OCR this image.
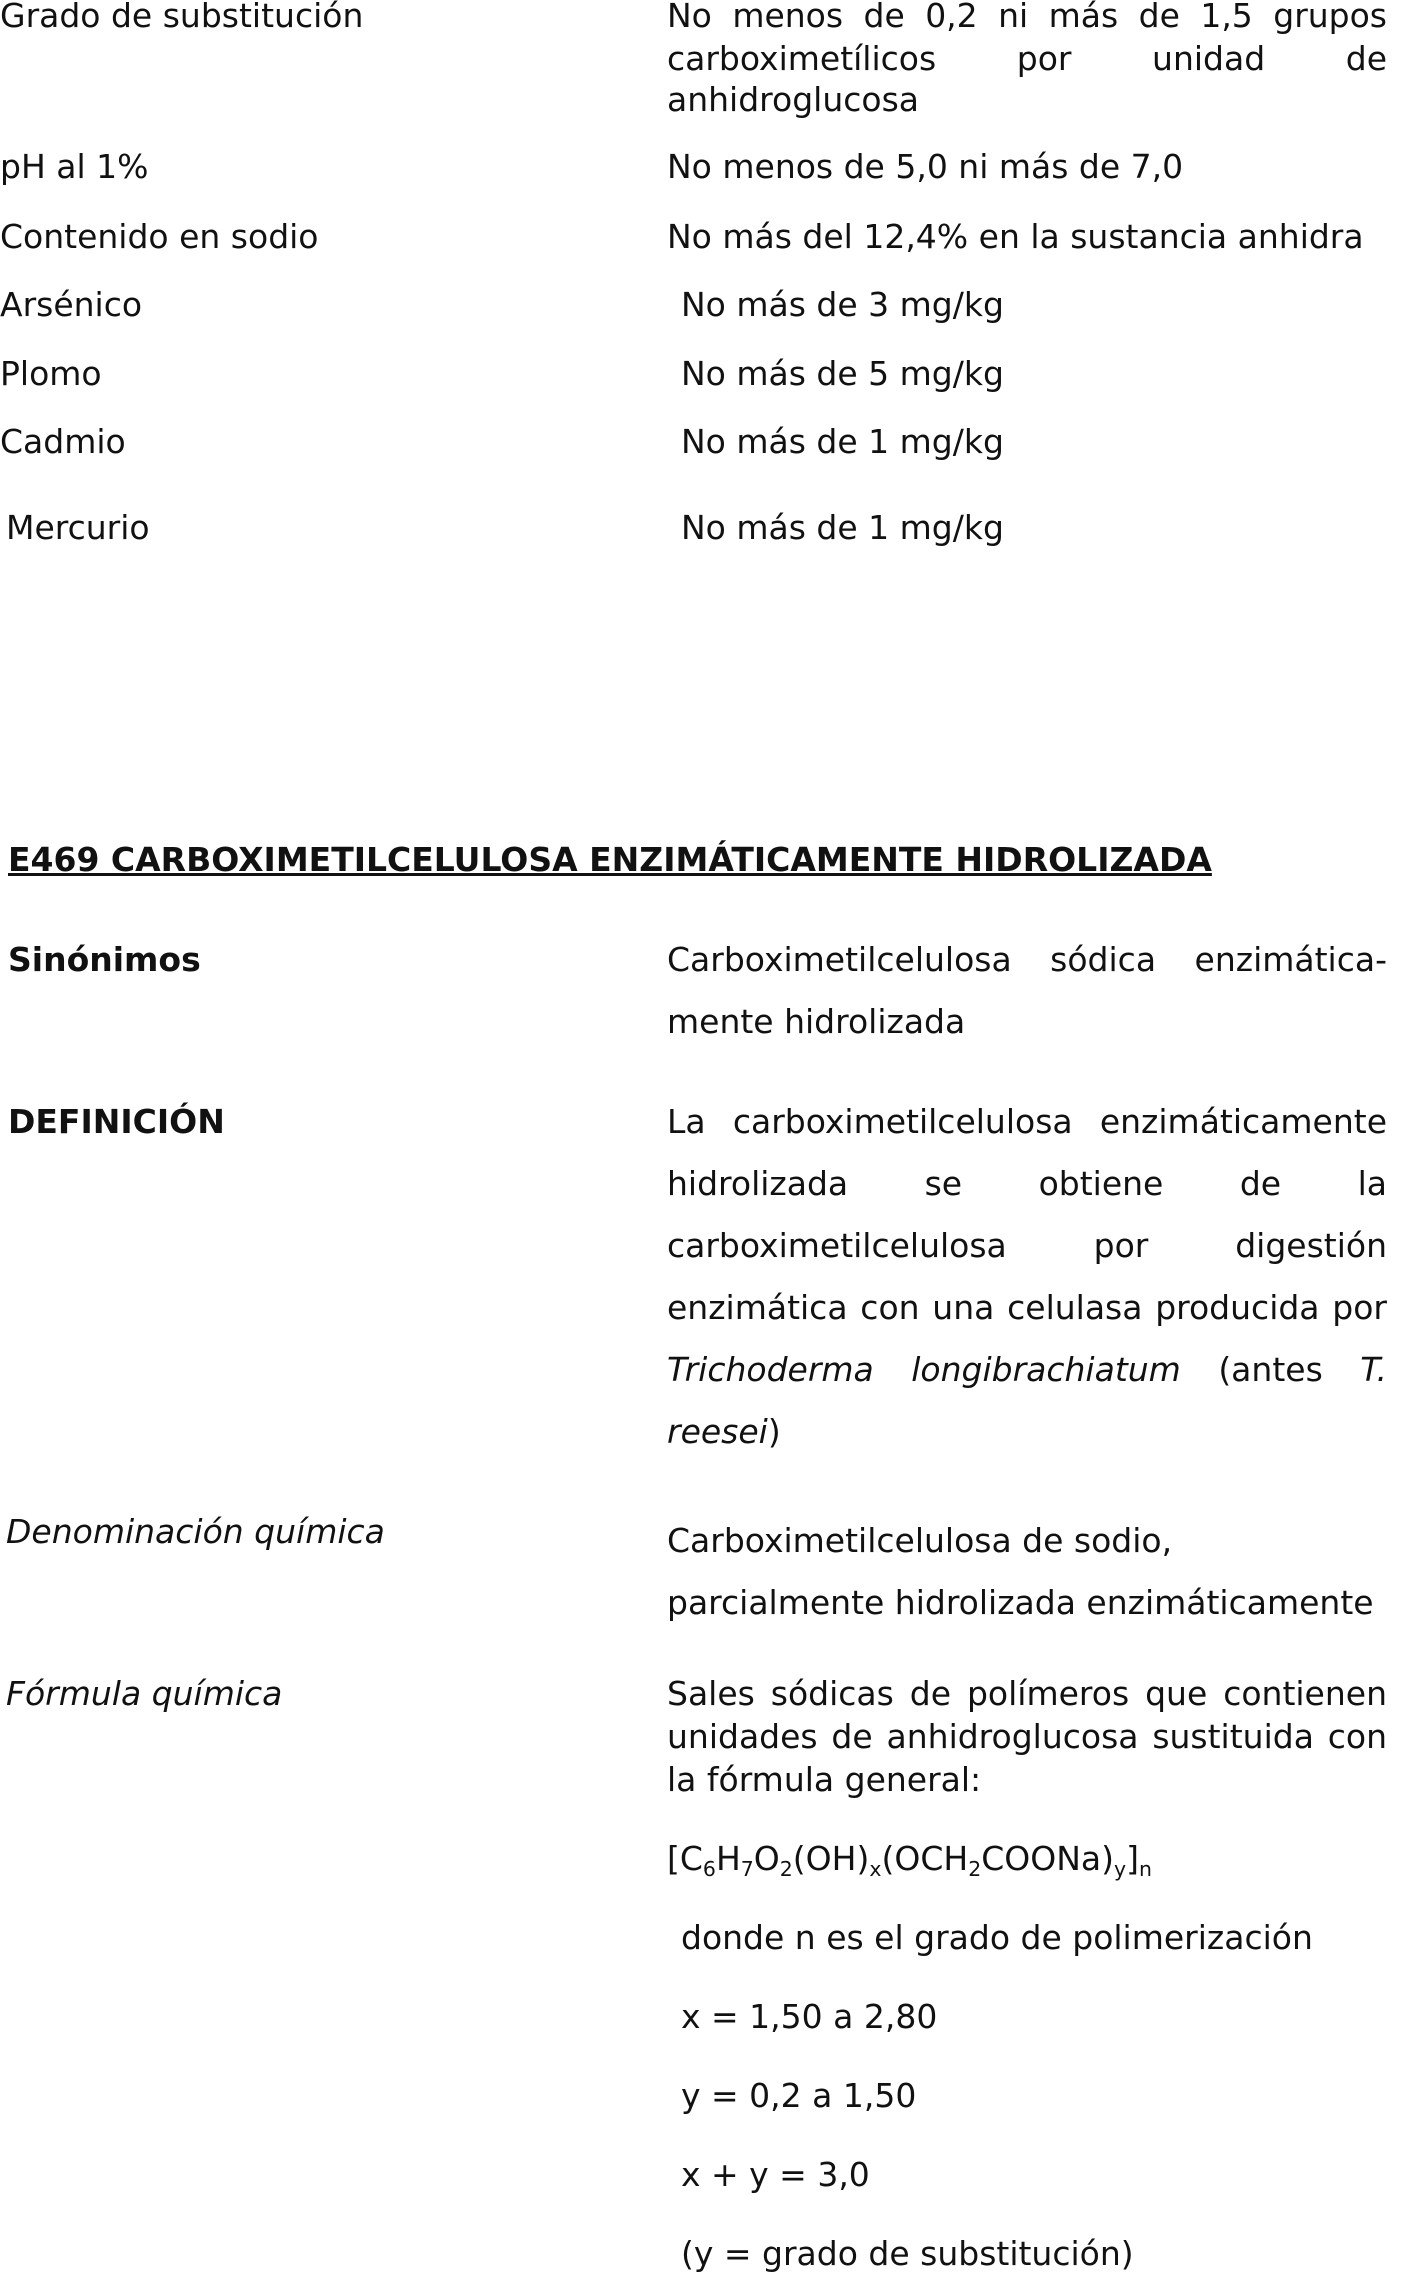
Grado de substitución	No menos de 0,2 ni más de 1,5 grupos
carboximetílicos por unidad de
anhidroglucosa
pH al 1%	No menos de 5,0 ni más de 7,0
Contenido en sodio	No más del 12,4% en la sustancia anhidra
Arsénico	No más de 3 mg/kg
Plomo	No más de 5 mg/kg
Cadmio	No más de 1 mg/kg
Mercurio	No más de 1 mg/kg
E469 CARBOXIMETILCELULOSA ENZIMÁTICAMENTE HIDROLIZADA
Sinónimos	Carboximetilcelulosa sódica enzimática-
mente hidrolizada
DEFINICIÓN	La carboximetilcelulosa enzimáticamente
hidrolizada se obtiene de la
carboximetilcelulosa por digestión
enzimática con una celulasa producida por
Trichoderma longibrachiatum (antes T.
reesei)
Denominación química	Carboximetilcelulosa de sodio, parcialmente hidrolizada enzimáticamente
Fórmula química	Sales sódicas de polímeros que contienen unidades de anhidroglucosa sustituida con la fórmula general:
$[C_6H_7O_2(OH)_x(OCH_2COONa)_y]_n$
donde n es el grado de polimerización
x = 1,50 a 2,80
y = 0,2 a 1,50
x + y = 3,0
(y = grado de substitución)
